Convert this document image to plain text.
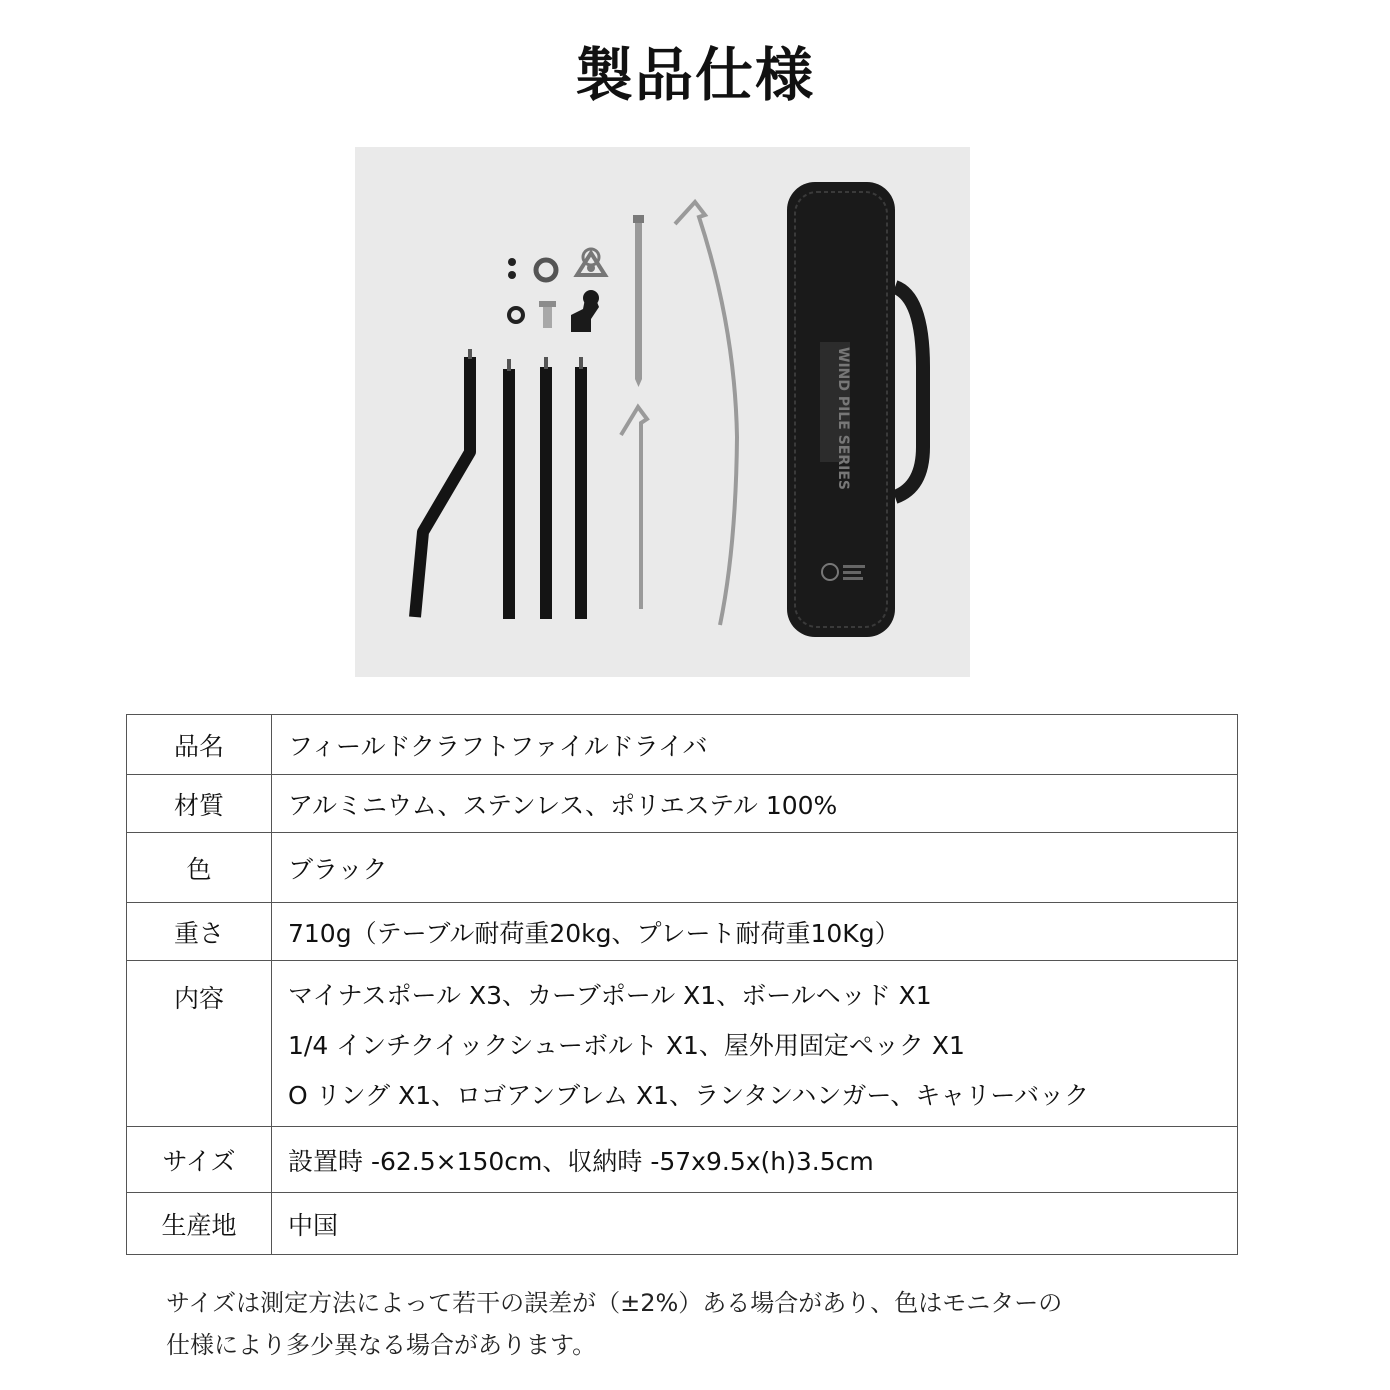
製品仕様
WIND PILE SERIES
品名	フィールドクラフトファイルドライバ
材質	アルミニウム、ステンレス、ポリエステル 100%
色	ブラック
重さ	710g（テーブル耐荷重20kg、プレート耐荷重10Kg）
内容	マイナスポール X3、カーブポール X1、ボールヘッド X1
1/4 インチクイックシューボルト X1、屋外用固定ペック X1
O リング X1、ロゴアンブレム X1、ランタンハンガー、キャリーバック

サイズ	設置時 -62.5×150cm、収納時 -57x9.5x(h)3.5cm
生産地	中国
サイズは測定方法によって若干の誤差が（±2%）ある場合があり、色はモニターの
仕様により多少異なる場合があります。
